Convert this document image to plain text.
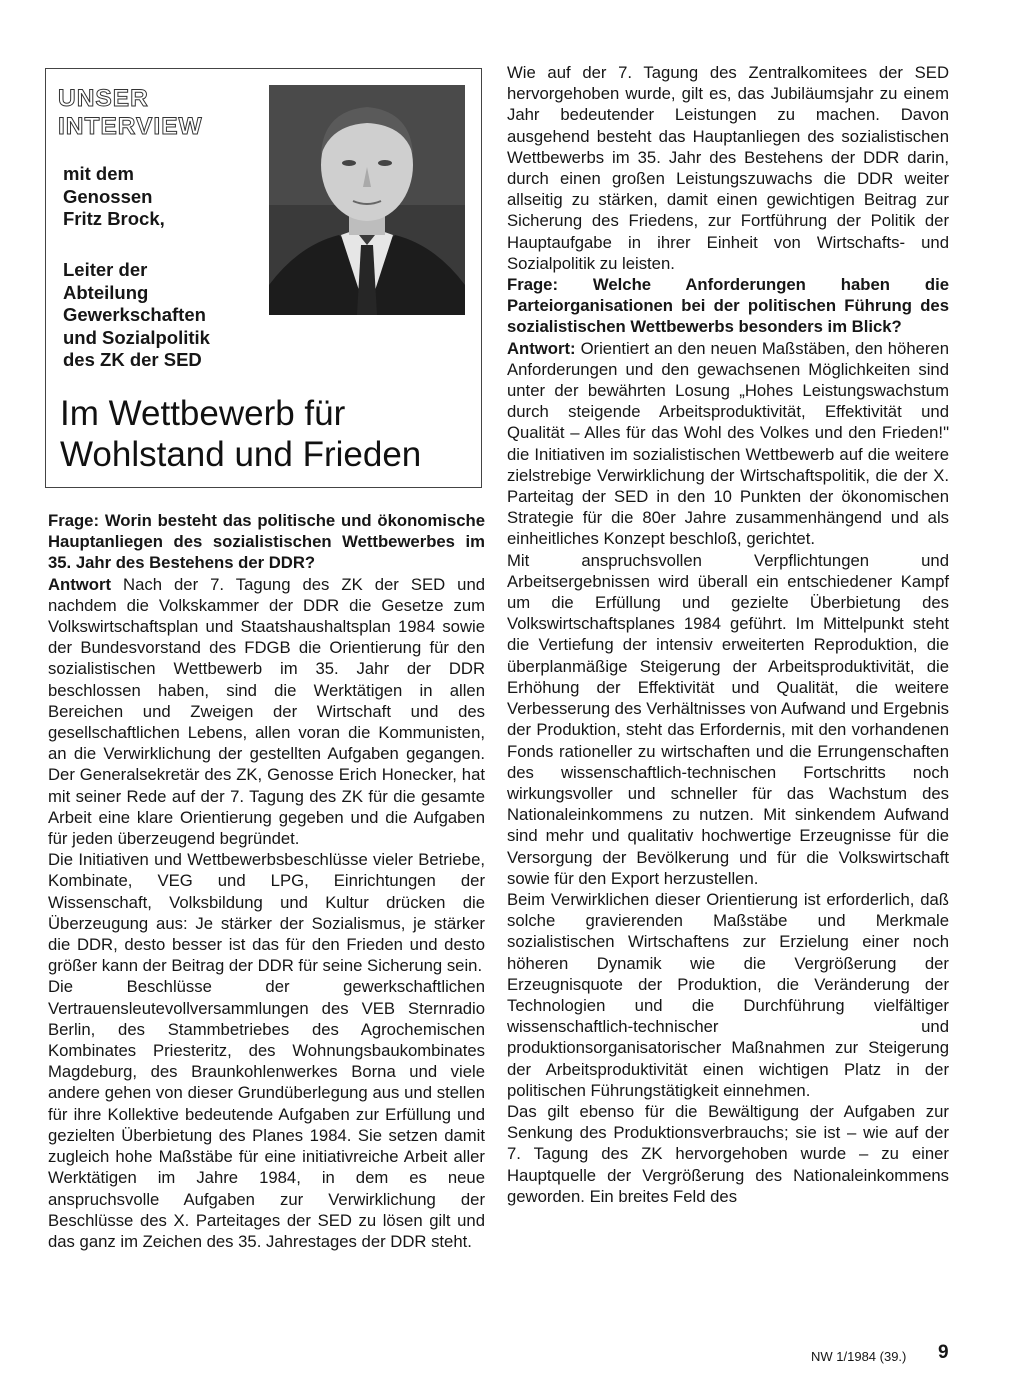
UNSER
INTERVIEW
mit dem
Genossen
Fritz Brock,
Leiter der
Abteilung
Gewerkschaften
und Sozialpolitik
des ZK der SED
Im Wettbewerb für
Wohlstand und Frieden

Frage: Worin besteht das politische und ökonomische Hauptanliegen des sozialistischen Wettbewerbes im 35. Jahr des Bestehens der DDR?

Antwort Nach der 7. Tagung des ZK der SED und nachdem die Volkskammer der DDR die Gesetze zum Volkswirtschaftsplan und Staatshaushaltsplan 1984 sowie der Bundesvorstand des FDGB die Orientierung für den sozialistischen Wettbewerb im 35. Jahr der DDR beschlossen haben, sind die Werktätigen in allen Bereichen und Zweigen der Wirtschaft und des gesellschaftlichen Lebens, allen voran die Kommunisten, an die Verwirklichung der gestellten Aufgaben gegangen. Der Generalsekretär des ZK, Genosse Erich Honecker, hat mit seiner Rede auf der 7. Tagung des ZK für die gesamte Arbeit eine klare Orientierung gegeben und die Aufgaben für jeden überzeugend begründet.

Die Initiativen und Wettbewerbsbeschlüsse vieler Betriebe, Kombinate, VEG und LPG, Einrichtungen der Wissenschaft, Volksbildung und Kultur drücken die Überzeugung aus: Je stärker der Sozialismus, je stärker die DDR, desto besser ist das für den Frieden und desto größer kann der Beitrag der DDR für seine Sicherung sein.

Die Beschlüsse der gewerkschaftlichen Vertrauensleutevollversammlungen des VEB Sternradio Berlin, des Stammbetriebes des Agrochemischen Kombinates Priesteritz, des Wohnungsbaukombinates Magdeburg, des Braunkohlenwerkes Borna und viele andere gehen von dieser Grundüberlegung aus und stellen für ihre Kollektive bedeutende Aufgaben zur Erfüllung und gezielten Überbietung des Planes 1984. Sie setzen damit zugleich hohe Maßstäbe für eine initiativreiche Arbeit aller Werktätigen im Jahre 1984, in dem es neue anspruchsvolle Aufgaben zur Verwirklichung der Beschlüsse des X. Parteitages der SED zu lösen gilt und das ganz im Zeichen des 35. Jahrestages der DDR steht.

Wie auf der 7. Tagung des Zentralkomitees der SED hervorgehoben wurde, gilt es, das Jubiläumsjahr zu einem Jahr bedeutender Leistungen zu machen. Davon ausgehend besteht das Hauptanliegen des sozialistischen Wettbewerbs im 35. Jahr des Bestehens der DDR darin, durch einen großen Leistungszuwachs die DDR weiter allseitig zu stärken, damit einen gewichtigen Beitrag zur Sicherung des Friedens, zur Fortführung der Politik der Hauptaufgabe in ihrer Einheit von Wirtschafts- und Sozialpolitik zu leisten.

Frage: Welche Anforderungen haben die Parteiorganisationen bei der politischen Führung des sozialistischen Wettbewerbs besonders im Blick?

Antwort: Orientiert an den neuen Maßstäben, den höheren Anforderungen und den gewachsenen Möglichkeiten sind unter der bewährten Losung „Hohes Leistungswachstum durch steigende Arbeitsproduktivität, Effektivität und Qualität – Alles für das Wohl des Volkes und den Frieden!" die Initiativen im sozialistischen Wettbewerb auf die weitere zielstrebige Verwirklichung der Wirtschaftspolitik, die der X. Parteitag der SED in den 10 Punkten der ökonomischen Strategie für die 80er Jahre zusammenhängend und als einheitliches Konzept beschloß, gerichtet.

Mit anspruchsvollen Verpflichtungen und Arbeitsergebnissen wird überall ein entschiedener Kampf um die Erfüllung und gezielte Überbietung des Volkswirtschaftsplanes 1984 geführt. Im Mittelpunkt steht die Vertiefung der intensiv erweiterten Reproduktion, die überplanmäßige Steigerung der Arbeitsproduktivität, die Erhöhung der Effektivität und Qualität, die weitere Verbesserung des Verhältnisses von Aufwand und Ergebnis der Produktion, steht das Erfordernis, mit den vorhandenen Fonds rationeller zu wirtschaften und die Errungenschaften des wissenschaftlich-technischen Fortschritts noch wirkungsvoller und schneller für das Wachstum des Nationaleinkommens zu nutzen. Mit sinkendem Aufwand sind mehr und qualitativ hochwertige Erzeugnisse für die Versorgung der Bevölkerung und für die Volkswirtschaft sowie für den Export herzustellen.

Beim Verwirklichen dieser Orientierung ist erforderlich, daß solche gravierenden Maßstäbe und Merkmale sozialistischen Wirtschaftens zur Erzielung einer noch höheren Dynamik wie die Vergrößerung der Erzeugnisquote der Produktion, die Veränderung der Technologien und die Durchführung vielfältiger wissenschaftlich-technischer und produktionsorganisatorischer Maßnahmen zur Steigerung der Arbeitsproduktivität einen wichtigen Platz in der politischen Führungstätigkeit einnehmen.

Das gilt ebenso für die Bewältigung der Aufgaben zur Senkung des Produktionsverbrauchs; sie ist – wie auf der 7. Tagung des ZK hervorgehoben wurde – zu einer Hauptquelle der Vergrößerung des Nationaleinkommens geworden. Ein breites Feld des

NW 1/1984 (39.) 9
